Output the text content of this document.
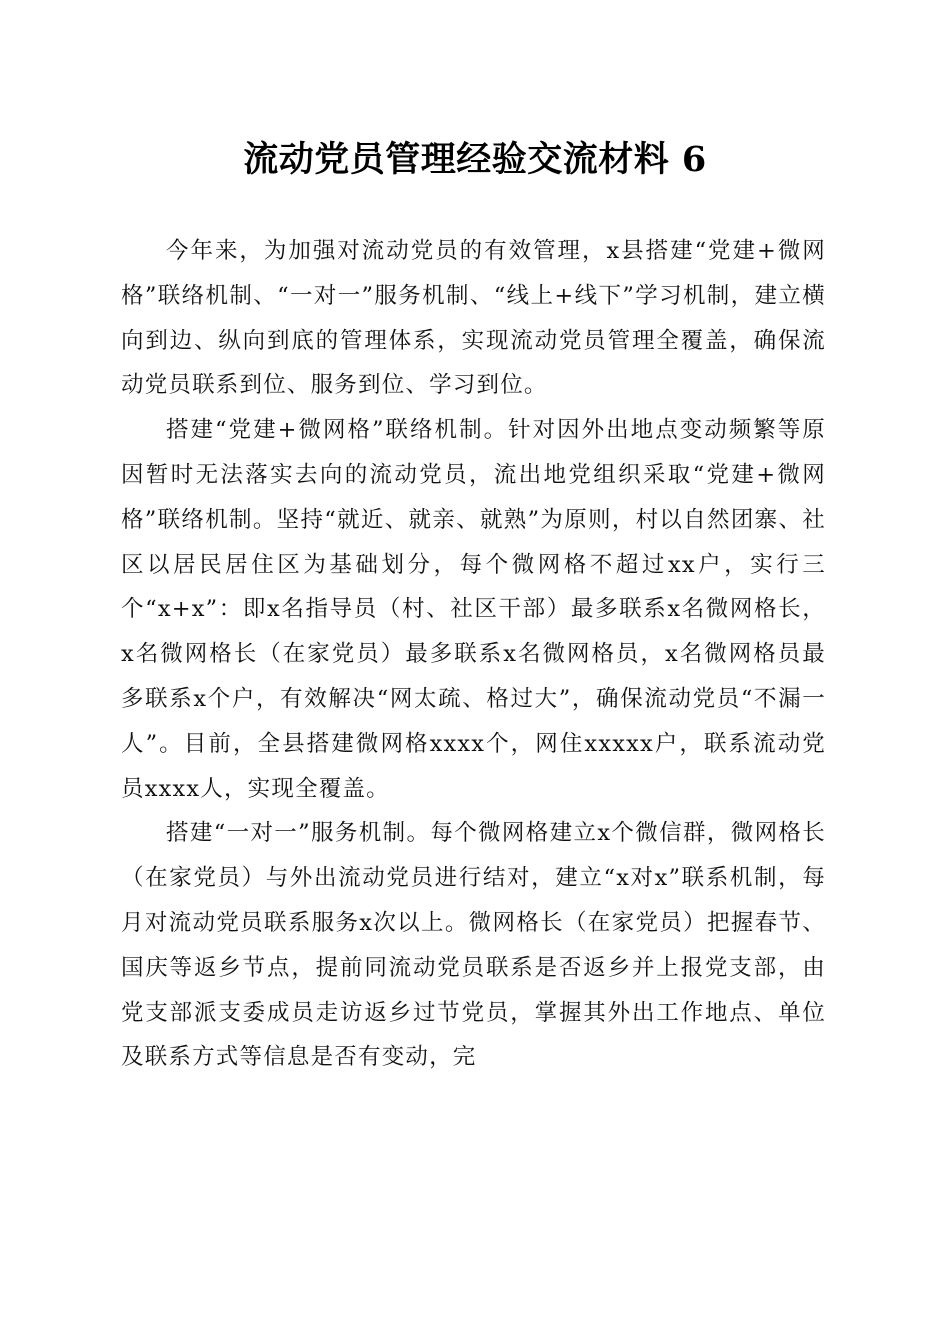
流动党员管理经验交流材料 6

今年来，为加强对流动党员的有效管理，x县搭建“党建+微网格”联络机制、“一对一”服务机制、“线上+线下”学习机制，建立横向到边、纵向到底的管理体系，实现流动党员管理全覆盖，确保流动党员联系到位、服务到位、学习到位。

搭建“党建+微网格”联络机制。针对因外出地点变动频繁等原因暂时无法落实去向的流动党员，流出地党组织采取“党建+微网格”联络机制。坚持“就近、就亲、就熟”为原则，村以自然团寨、社区以居民居住区为基础划分，每个微网格不超过xx户，实行三个“x+x”：即x名指导员（村、社区干部）最多联系x名微网格长，x名微网格长（在家党员）最多联系x名微网格员，x名微网格员最多联系x个户，有效解决“网太疏、格过大”，确保流动党员“不漏一人”。目前，全县搭建微网格xxxx个，网住xxxxx户，联系流动党员xxxx人，实现全覆盖。

搭建“一对一”服务机制。每个微网格建立x个微信群，微网格长（在家党员）与外出流动党员进行结对，建立“x对x”联系机制，每月对流动党员联系服务x次以上。微网格长（在家党员）把握春节、国庆等返乡节点，提前同流动党员联系是否返乡并上报党支部，由党支部派支委成员走访返乡过节党员，掌握其外出工作地点、单位及联系方式等信息是否有变动，完
